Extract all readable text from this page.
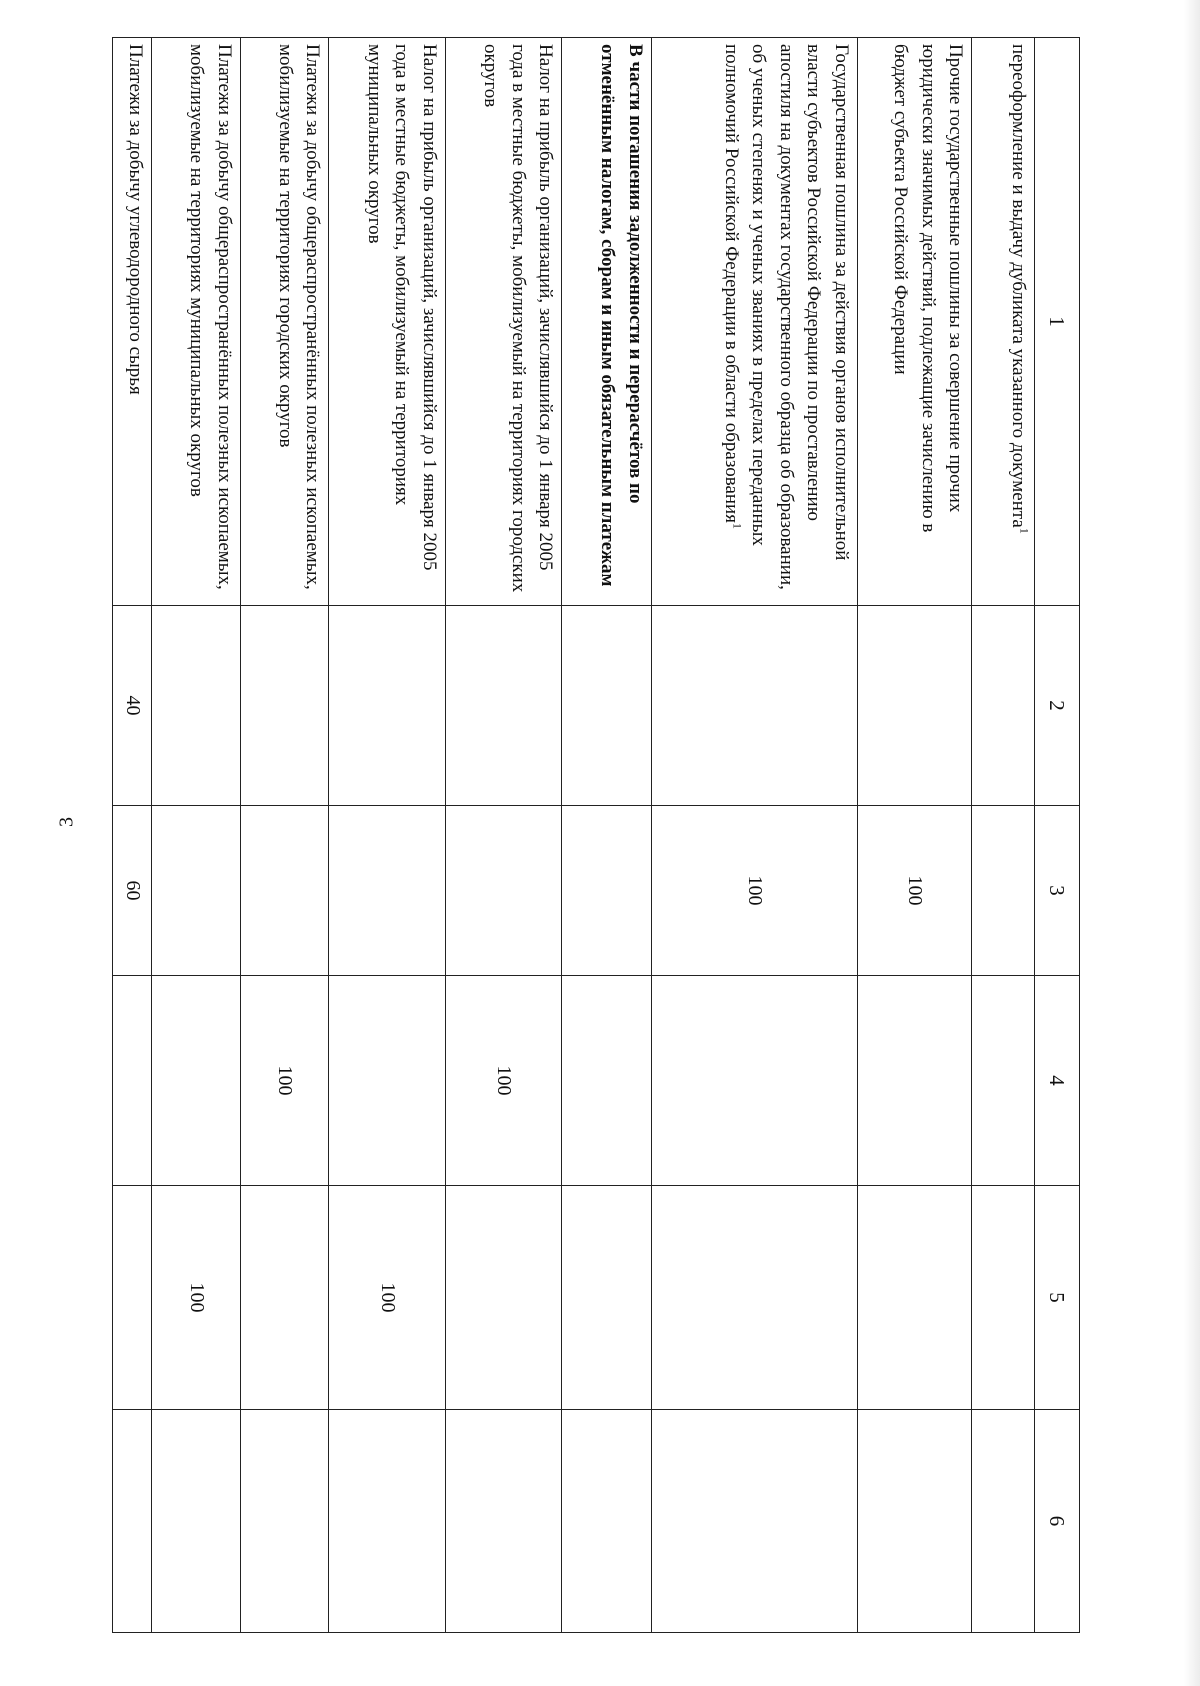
3
1	2	3	4	5	6
переоформление и выдачу дубликата указанного документа$^1$					
Прочие государственные пошлины за совершение прочих юридически значимых действий, подлежащие зачислению в бюджет субъекта Российской Федерации		100			
Государственная пошлина за действия органов исполнительной власти субъектов Российской Федерации по проставлению апостиля на документах государственного образца об образовании, об ученых степенях и ученых званиях в пределах переданных полномочий Российской Федерации в области образования$^1$		100			
В части погашения задолженности и перерасчётов по отменённым налогам, сборам и иным обязательным платежам					
Налог на прибыль организаций, зачислявшийся до 1 января 2005 года в местные бюджеты, мобилизуемый на территориях городских округов			100		
Налог на прибыль организаций, зачислявшийся до 1 января 2005 года в местные бюджеты, мобилизуемый на территориях муниципальных округов				100	
Платежи за добычу общераспространённых полезных ископаемых, мобилизуемые на территориях городских округов			100		
Платежи за добычу общераспространённых полезных ископаемых, мобилизуемые на территориях муниципальных округов				100	
Платежи за добычу углеводородного сырья	40	60			
